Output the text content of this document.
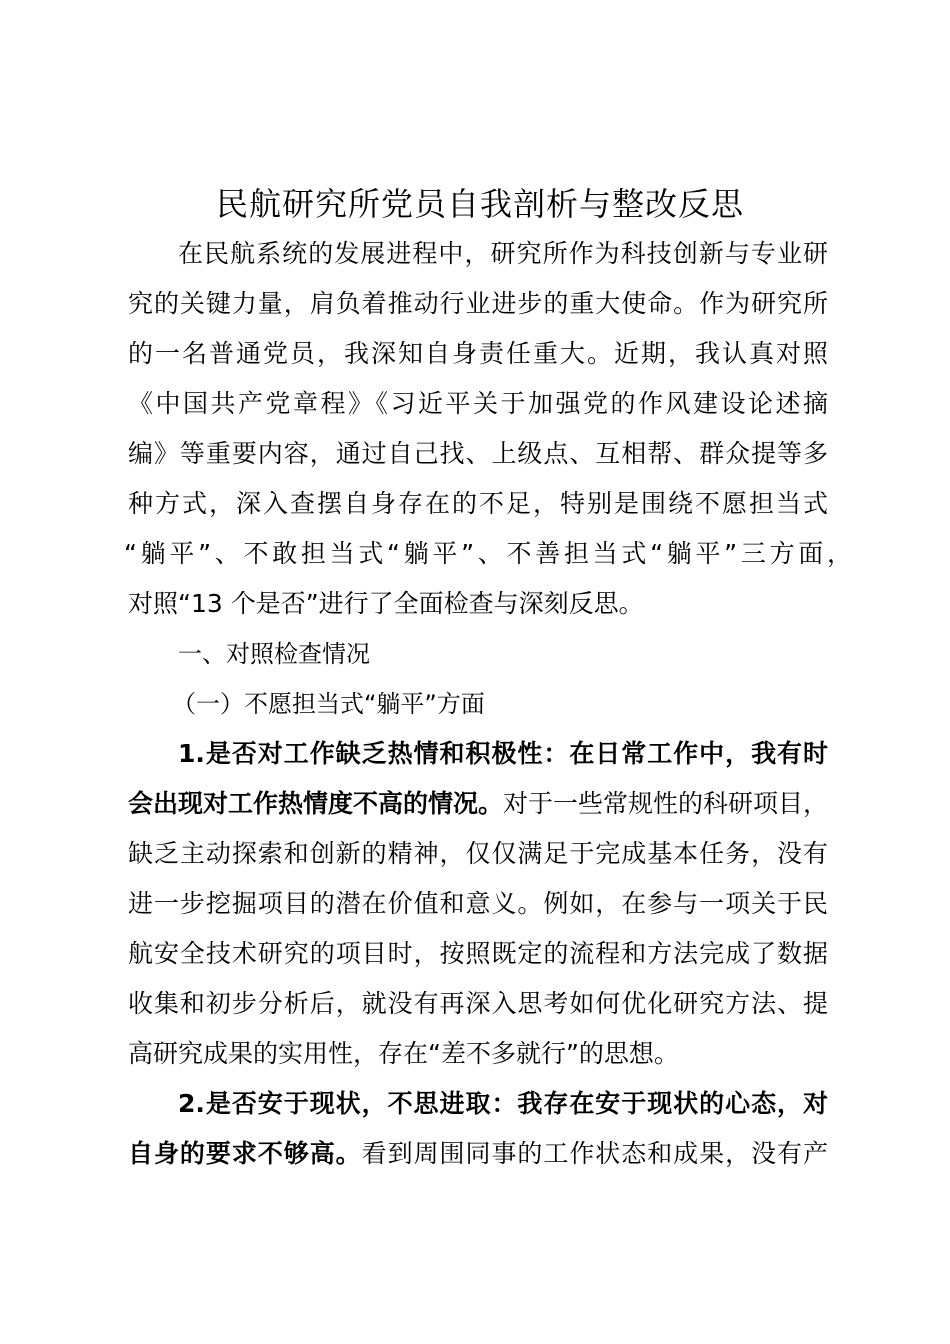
民航研究所党员自我剖析与整改反思
在民航系统的发展进程中，研究所作为科技创新与专业研
究的关键力量，肩负着推动行业进步的重大使命。作为研究所
的一名普通党员，我深知自身责任重大。近期，我认真对照
《中国共产党章程》《习近平关于加强党的作风建设论述摘
编》等重要内容，通过自己找、上级点、互相帮、群众提等多
种方式，深入查摆自身存在的不足，特别是围绕不愿担当式
“躺平”、不敢担当式“躺平”、不善担当式“躺平”三方面，
对照“13 个是否”进行了全面检查与深刻反思。
一、对照检查情况
（一）不愿担当式“躺平”方面
1.是否对工作缺乏热情和积极性：在日常工作中，我有时
会出现对工作热情度不高的情况。对于一些常规性的科研项目，
缺乏主动探索和创新的精神，仅仅满足于完成基本任务，没有
进一步挖掘项目的潜在价值和意义。例如，在参与一项关于民
航安全技术研究的项目时，按照既定的流程和方法完成了数据
收集和初步分析后，就没有再深入思考如何优化研究方法、提
高研究成果的实用性，存在“差不多就行”的思想。
2.是否安于现状，不思进取：我存在安于现状的心态，对
自身的要求不够高。看到周围同事的工作状态和成果，没有产
